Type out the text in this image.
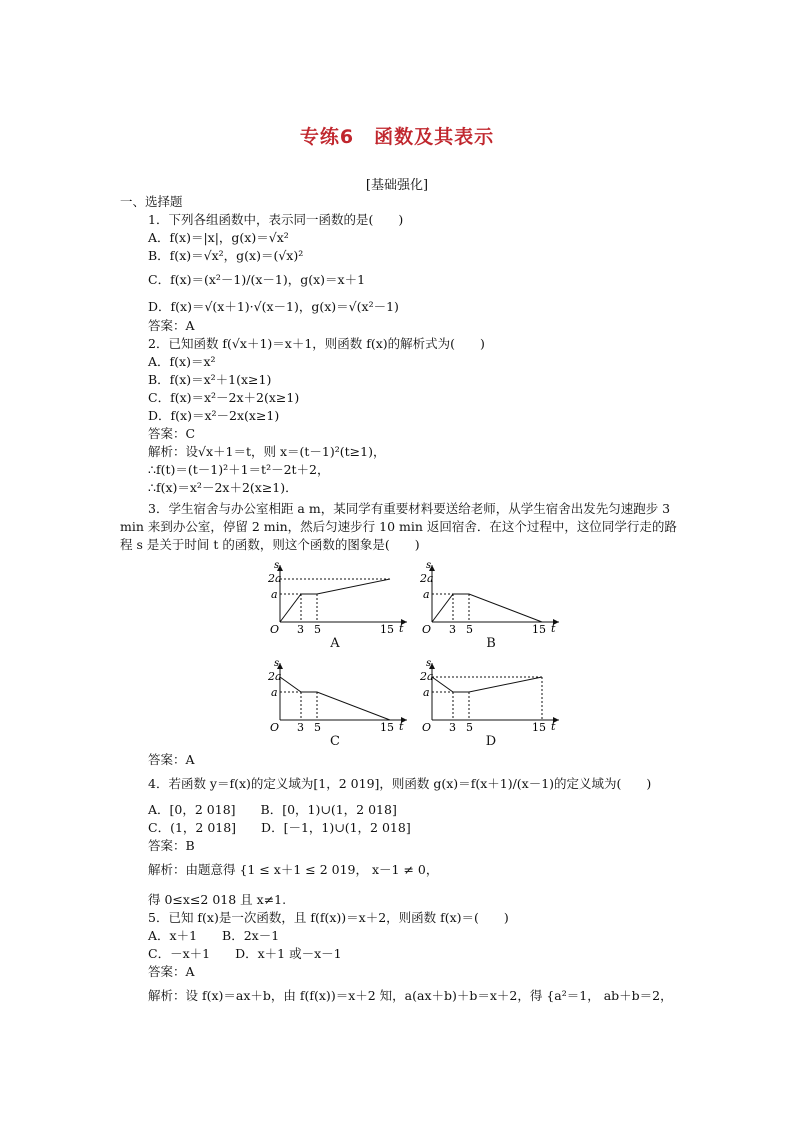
专练6　函数及其表示
[基础强化]
一、选择题
1．下列各组函数中，表示同一函数的是(　　)
A．f(x)＝|x|，g(x)＝√x²
B．f(x)＝√x²，g(x)＝(√x)²
C．f(x)＝(x²－1)/(x－1)，g(x)＝x＋1
D．f(x)＝√(x＋1)·√(x－1)，g(x)＝√(x²－1)
答案：A
2．已知函数 f(√x＋1)＝x＋1，则函数 f(x)的解析式为(　　)
A．f(x)＝x²
B．f(x)＝x²＋1(x≥1)
C．f(x)＝x²－2x＋2(x≥1)
D．f(x)＝x²－2x(x≥1)
答案：C
解析：设√x＋1＝t，则 x＝(t－1)²(t≥1)，
∴f(t)＝(t－1)²＋1＝t²－2t＋2，
∴f(x)＝x²－2x＋2(x≥1)．
3．学生宿舍与办公室相距 a m，某同学有重要材料要送给老师，从学生宿舍出发先匀速跑步 3 min 来到办公室，停留 2 min，然后匀速步行 10 min 返回宿舍．在这个过程中，这位同学行走的路程 s 是关于时间 t 的函数，则这个函数的图象是(　　)
s
t
O
2a
a
3 5	15
A
s
t
O
2a
a
3 5	15
B
s
t
O
2a
a
3 5	15
C
s
t
O
2a
a
3 5	15
D
答案：A
4．若函数 y＝f(x)的定义域为[1，2 019]，则函数 g(x)＝f(x＋1)/(x－1)的定义域为(　　)
A．[0，2 018]　　B．[0，1)∪(1，2 018]
C．(1，2 018]　　D．[－1，1)∪(1，2 018]
答案：B
解析：由题意得 {1 ≤ x＋1 ≤ 2 019， x－1 ≠ 0，
得 0≤x≤2 018 且 x≠1.
5．已知 f(x)是一次函数，且 f(f(x))＝x＋2，则函数 f(x)＝(　　)
A．x＋1　　B．2x－1
C．－x＋1　　D．x＋1 或－x－1
答案：A
解析：设 f(x)＝ax＋b，由 f(f(x))＝x＋2 知，a(ax＋b)＋b＝x＋2，得 {a²＝1， ab＋b＝2，
